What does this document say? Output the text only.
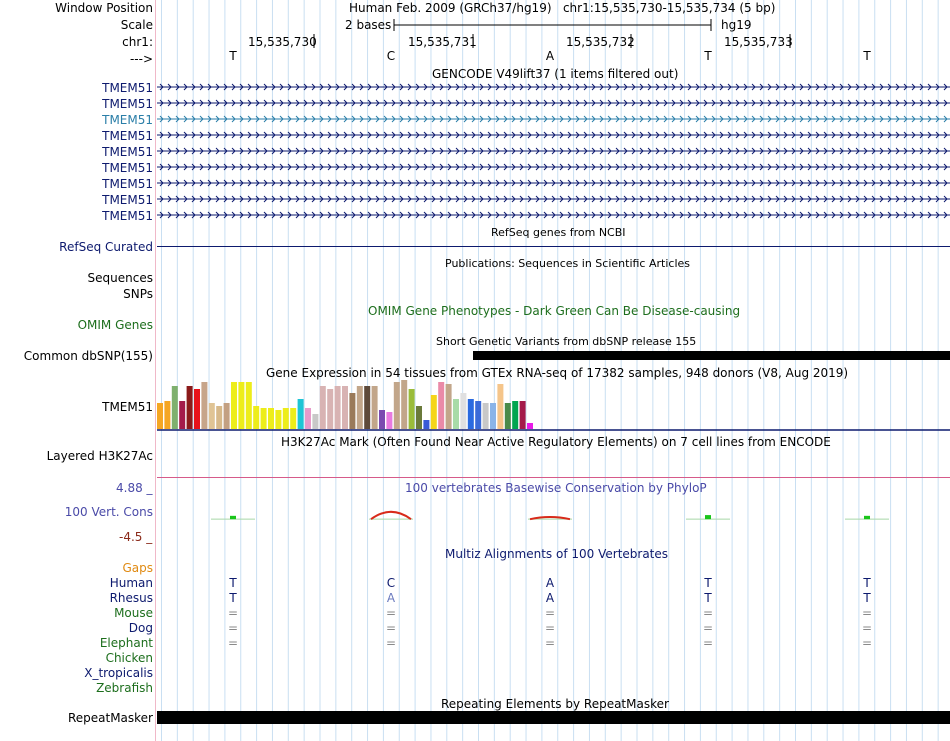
Window Position
Scale
chr1:
--->
Human Feb. 2009 (GRCh37/hg19)   chr1:15,535,730-15,535,734 (5 bp)
2 bases	hg19
15,535,730	15,535,731	15,535,732	15,535,733
T	C	A	T	T
GENCODE V49lift37 (1 items filtered out)
TMEM51
TMEM51
TMEM51
TMEM51
TMEM51
TMEM51
TMEM51
TMEM51
TMEM51
RefSeq genes from NCBI
RefSeq Curated
Publications: Sequences in Scientific Articles
Sequences
SNPs
OMIM Gene Phenotypes - Dark Green Can Be Disease-causing
OMIM Genes
Short Genetic Variants from dbSNP release 155
Common dbSNP(155)
Gene Expression in 54 tissues from GTEx RNA-seq of 17382 samples, 948 donors (V8, Aug 2019)
TMEM51
H3K27Ac Mark (Often Found Near Active Regulatory Elements) on 7 cell lines from ENCODE
Layered H3K27Ac
100 vertebrates Basewise Conservation by PhyloP
4.88 _
100 Vert. Cons
-4.5 _
Multiz Alignments of 100 Vertebrates
Gaps
Human	T	C	A	T	T
Rhesus	T	A	A	T	T
Mouse	=	=	=	=	=
Dog	=	=	=	=	=
Elephant	=	=	=	=	=
Chicken
X_tropicalis
Zebrafish
Repeating Elements by RepeatMasker
RepeatMasker
